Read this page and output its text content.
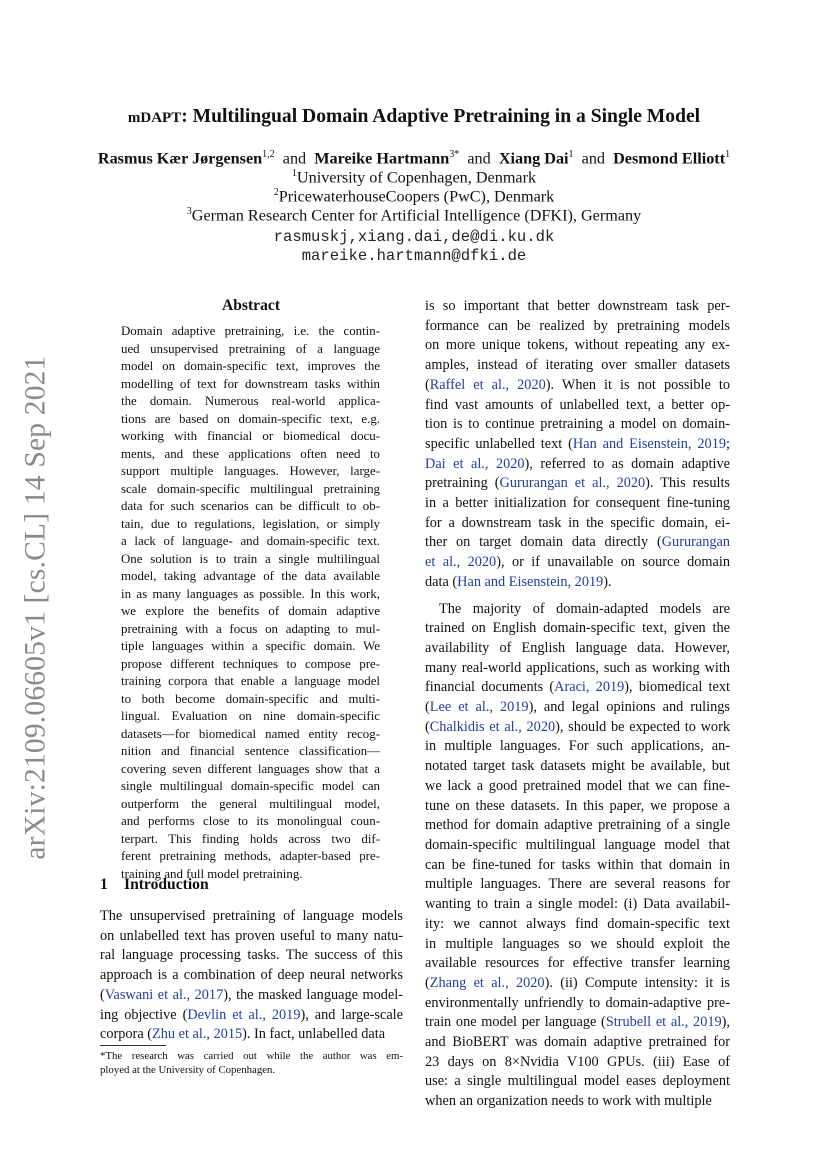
arXiv:2109.06605v1 [cs.CL] 14 Sep 2021
mDAPT: Multilingual Domain Adaptive Pretraining in a Single Model
Rasmus Kær Jørgensen$^{1,2}$ and Mareike Hartmann$^{3*}$ and Xiang Dai$^1$ and Desmond Elliott$^1$
$^1$University of Copenhagen, Denmark
$^2$PricewaterhouseCoopers (PwC), Denmark
$^3$German Research Center for Artificial Intelligence (DFKI), Germany
rasmuskj,xiang.dai,de@di.ku.dk
mareike.hartmann@dfki.de
Abstract
Domain adaptive pretraining, i.e. the contin-
ued unsupervised pretraining of a language
model on domain-specific text, improves the
modelling of text for downstream tasks within
the domain. Numerous real-world applica-
tions are based on domain-specific text, e.g.
working with financial or biomedical docu-
ments, and these applications often need to
support multiple languages. However, large-
scale domain-specific multilingual pretraining
data for such scenarios can be difficult to ob-
tain, due to regulations, legislation, or simply
a lack of language- and domain-specific text.
One solution is to train a single multilingual
model, taking advantage of the data available
in as many languages as possible. In this work,
we explore the benefits of domain adaptive
pretraining with a focus on adapting to mul-
tiple languages within a specific domain. We
propose different techniques to compose pre-
training corpora that enable a language model
to both become domain-specific and multi-
lingual. Evaluation on nine domain-specific
datasets—for biomedical named entity recog-
nition and financial sentence classification—
covering seven different languages show that a
single multilingual domain-specific model can
outperform the general multilingual model,
and performs close to its monolingual coun-
terpart. This finding holds across two dif-
ferent pretraining methods, adapter-based pre-
training and full model pretraining.
1 Introduction
The unsupervised pretraining of language models
on unlabelled text has proven useful to many natu-
ral language processing tasks. The success of this
approach is a combination of deep neural networks
(Vaswani et al., 2017), the masked language model-
ing objective (Devlin et al., 2019), and large-scale
corpora (Zhu et al., 2015). In fact, unlabelled data
*The research was carried out while the author was em-
ployed at the University of Copenhagen.
is so important that better downstream task per-
formance can be realized by pretraining models
on more unique tokens, without repeating any ex-
amples, instead of iterating over smaller datasets
(Raffel et al., 2020). When it is not possible to
find vast amounts of unlabelled text, a better op-
tion is to continue pretraining a model on domain-
specific unlabelled text (Han and Eisenstein, 2019;
Dai et al., 2020), referred to as domain adaptive
pretraining (Gururangan et al., 2020). This results
in a better initialization for consequent fine-tuning
for a downstream task in the specific domain, ei-
ther on target domain data directly (Gururangan
et al., 2020), or if unavailable on source domain
data (Han and Eisenstein, 2019).
The majority of domain-adapted models are
trained on English domain-specific text, given the
availability of English language data. However,
many real-world applications, such as working with
financial documents (Araci, 2019), biomedical text
(Lee et al., 2019), and legal opinions and rulings
(Chalkidis et al., 2020), should be expected to work
in multiple languages. For such applications, an-
notated target task datasets might be available, but
we lack a good pretrained model that we can fine-
tune on these datasets. In this paper, we propose a
method for domain adaptive pretraining of a single
domain-specific multilingual language model that
can be fine-tuned for tasks within that domain in
multiple languages. There are several reasons for
wanting to train a single model: (i) Data availabil-
ity: we cannot always find domain-specific text
in multiple languages so we should exploit the
available resources for effective transfer learning
(Zhang et al., 2020). (ii) Compute intensity: it is
environmentally unfriendly to domain-adaptive pre-
train one model per language (Strubell et al., 2019),
and BioBERT was domain adaptive pretrained for
23 days on 8×Nvidia V100 GPUs. (iii) Ease of
use: a single multilingual model eases deployment
when an organization needs to work with multiple
